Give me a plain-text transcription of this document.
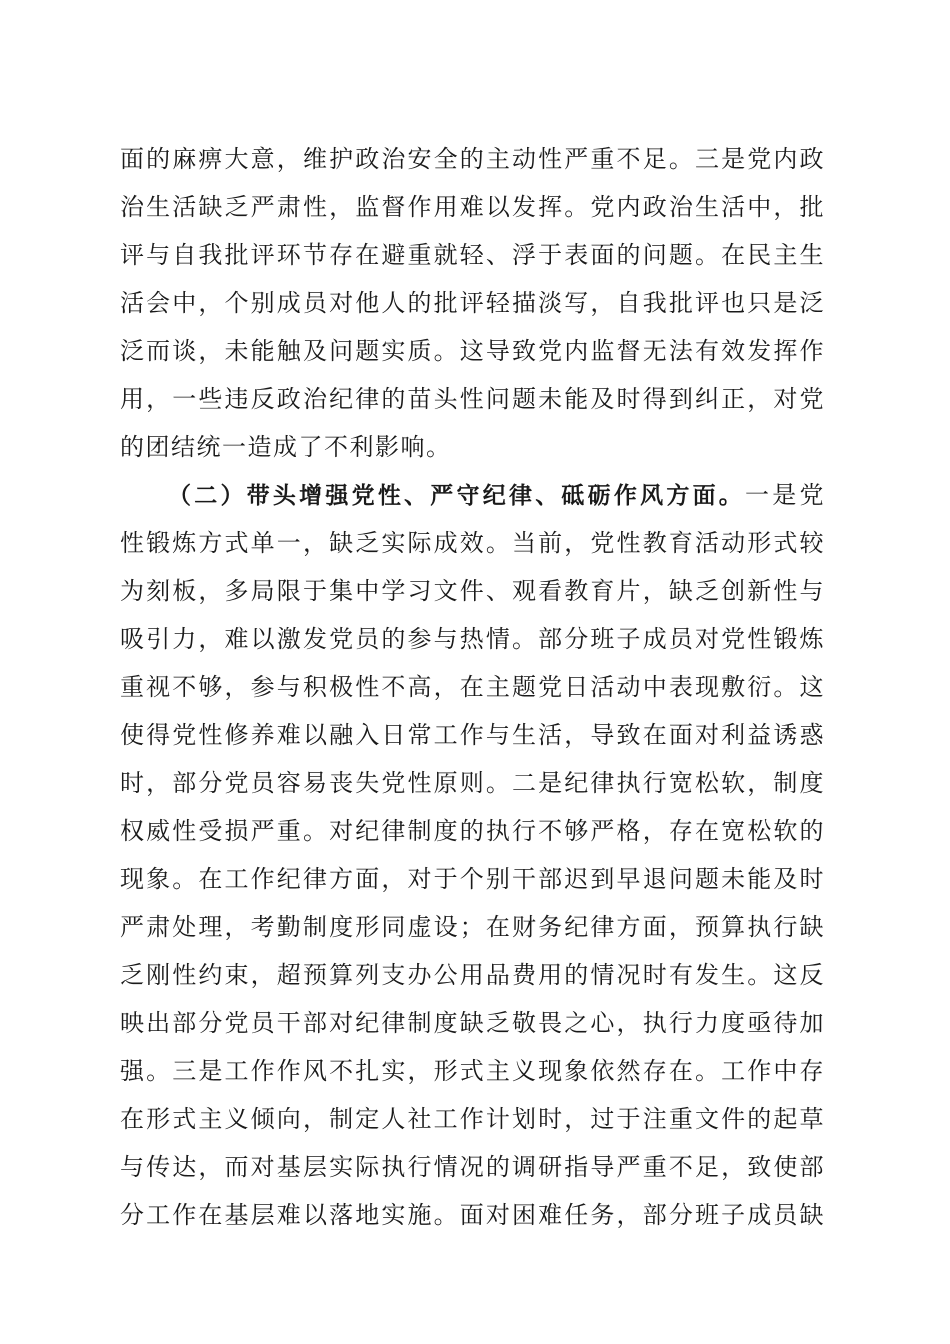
面的麻痹大意，维护政治安全的主动性严重不足。三是党内政
治生活缺乏严肃性，监督作用难以发挥。党内政治生活中，批
评与自我批评环节存在避重就轻、浮于表面的问题。在民主生
活会中，个别成员对他人的批评轻描淡写，自我批评也只是泛
泛而谈，未能触及问题实质。这导致党内监督无法有效发挥作
用，一些违反政治纪律的苗头性问题未能及时得到纠正，对党
的团结统一造成了不利影响。
（二）带头增强党性、严守纪律、砥砺作风方面。一是党
性锻炼方式单一，缺乏实际成效。当前，党性教育活动形式较
为刻板，多局限于集中学习文件、观看教育片，缺乏创新性与
吸引力，难以激发党员的参与热情。部分班子成员对党性锻炼
重视不够，参与积极性不高，在主题党日活动中表现敷衍。这
使得党性修养难以融入日常工作与生活，导致在面对利益诱惑
时，部分党员容易丧失党性原则。二是纪律执行宽松软，制度
权威性受损严重。对纪律制度的执行不够严格，存在宽松软的
现象。在工作纪律方面，对于个别干部迟到早退问题未能及时
严肃处理，考勤制度形同虚设；在财务纪律方面，预算执行缺
乏刚性约束，超预算列支办公用品费用的情况时有发生。这反
映出部分党员干部对纪律制度缺乏敬畏之心，执行力度亟待加
强。三是工作作风不扎实，形式主义现象依然存在。工作中存
在形式主义倾向，制定人社工作计划时，过于注重文件的起草
与传达，而对基层实际执行情况的调研指导严重不足，致使部
分工作在基层难以落地实施。面对困难任务，部分班子成员缺
